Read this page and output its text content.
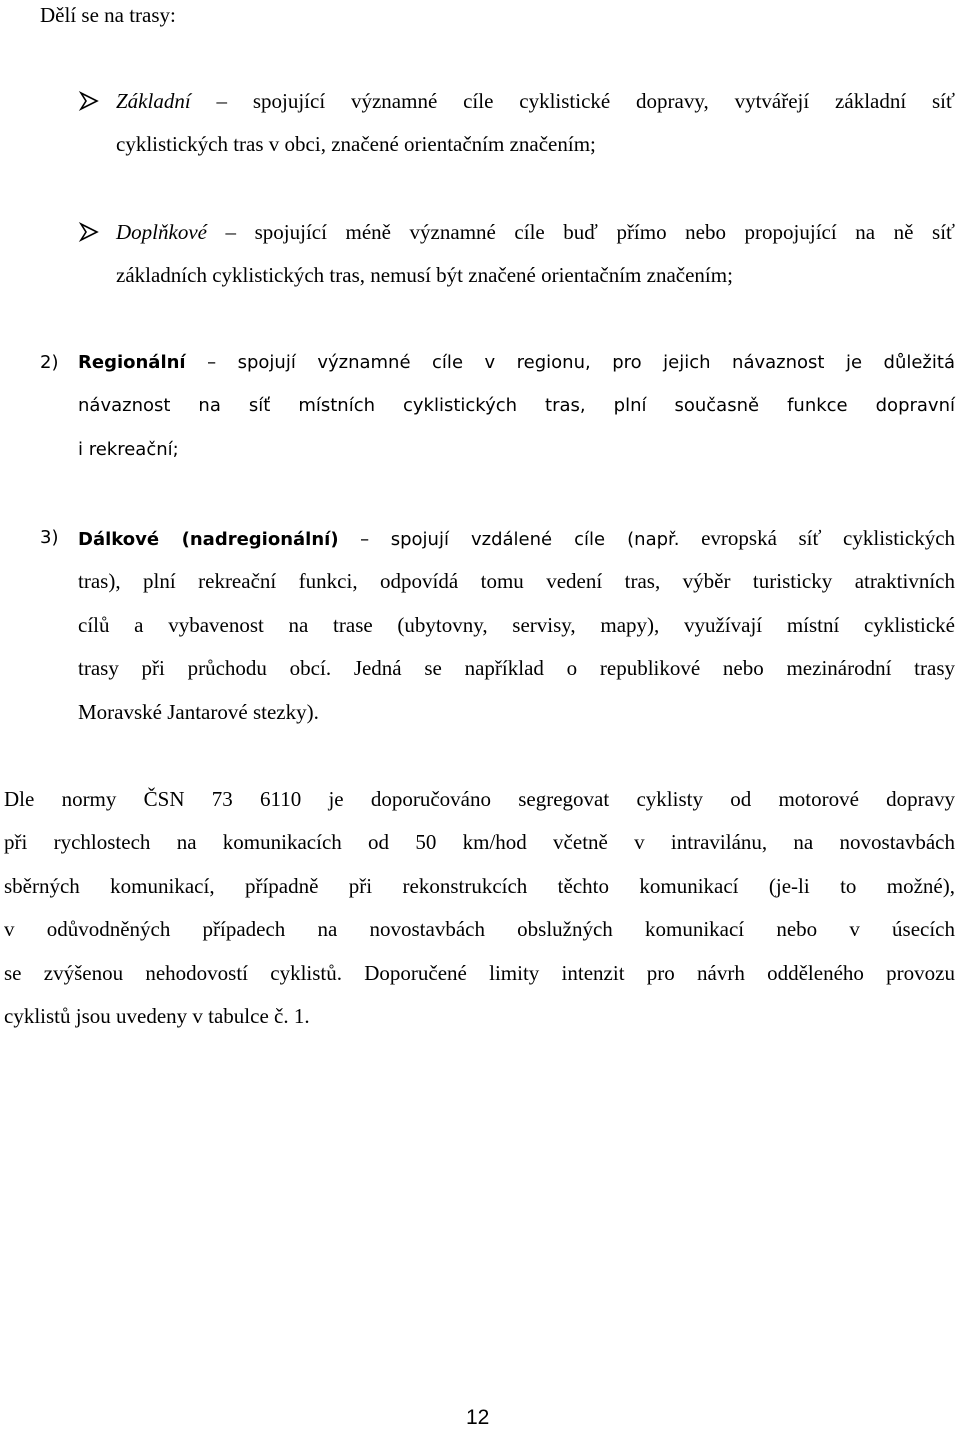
Dělí se na trasy:
Základní – spojující významné cíle cyklistické dopravy, vytvářejí základní síť
cyklistických tras v obci, značené orientačním značením;
Doplňkové – spojující méně významné cíle buď přímo nebo propojující na ně síť
základních cyklistických tras, nemusí být značené orientačním značením;
2) Regionální – spojují významné cíle v regionu, pro jejich návaznost je důležitá
návaznost na síť místních cyklistických tras, plní současně funkce dopravní
i rekreační;
3) Dálkové (nadregionální) – spojují vzdálené cíle (např. evropská síť cyklistických
tras), plní rekreační funkci, odpovídá tomu vedení tras, výběr turisticky atraktivních
cílů a vybavenost na trase (ubytovny, servisy, mapy), využívají místní cyklistické
trasy při průchodu obcí. Jedná se například o republikové nebo mezinárodní trasy
Moravské Jantarové stezky).
Dle normy ČSN 73 6110 je doporučováno segregovat cyklisty od motorové dopravy
při rychlostech na komunikacích od 50 km/hod včetně v intravilánu, na novostavbách
sběrných komunikací, případně při rekonstrukcích těchto komunikací (je-li to možné),
v odůvodněných případech na novostavbách obslužných komunikací nebo v úsecích
se zvýšenou nehodovostí cyklistů. Doporučené limity intenzit pro návrh odděleného provozu
cyklistů jsou uvedeny v tabulce č. 1.
12
